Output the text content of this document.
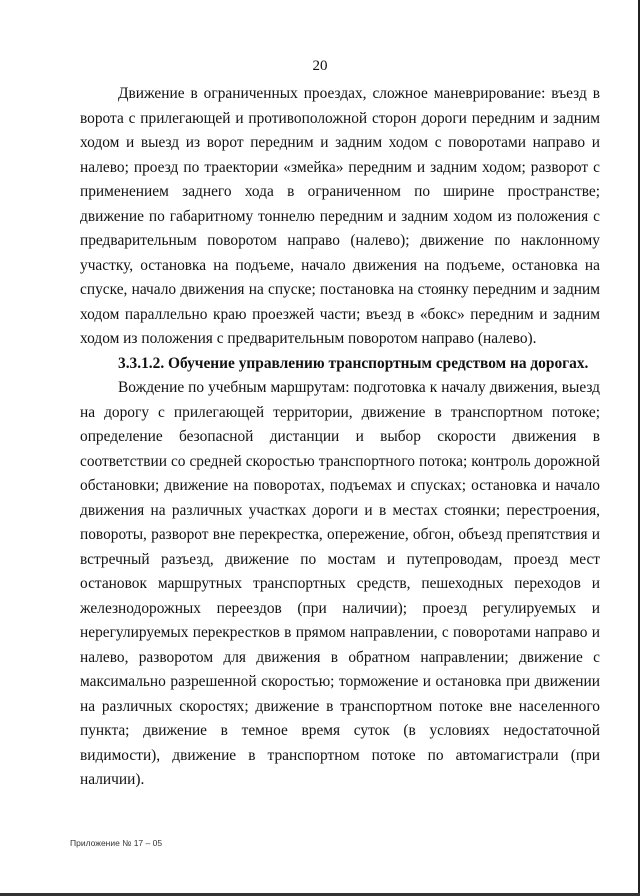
20

Движение в ограниченных проездах, сложное маневрирование: въезд в ворота с прилегающей и противоположной сторон дороги передним и задним ходом и выезд из ворот передним и задним ходом с поворотами направо и налево; проезд по траектории «змейка» передним и задним ходом; разворот с применением заднего хода в ограниченном по ширине пространстве; движение по габаритному тоннелю передним и задним ходом из положения с предварительным поворотом направо (налево); движение по наклонному участку, остановка на подъеме, начало движения на подъеме, остановка на спуске, начало движения на спуске; постановка на стоянку передним и задним ходом параллельно краю проезжей части; въезд в «бокс» передним и задним ходом из положения с предварительным поворотом направо (налево).

3.3.1.2. Обучение управлению транспортным средством на дорогах.

Вождение по учебным маршрутам: подготовка к началу движения, выезд на дорогу с прилегающей территории, движение в транспортном потоке; определение безопасной дистанции и выбор скорости движения в соответствии со средней скоростью транспортного потока; контроль дорожной обстановки; движение на поворотах, подъемах и спусках; остановка и начало движения на различных участках дороги и в местах стоянки; перестроения, повороты, разворот вне перекрестка, опережение, обгон, объезд препятствия и встречный разъезд, движение по мостам и путепроводам, проезд мест остановок маршрутных транспортных средств, пешеходных переходов и железнодорожных переездов (при наличии); проезд регулируемых и нерегулируемых перекрестков в прямом направлении, с поворотами направо и налево, разворотом для движения в обратном направлении; движение с максимально разрешенной скоростью; торможение и остановка при движении на различных скоростях; движение в транспортном потоке вне населенного пункта; движение в темное время суток (в условиях недостаточной видимости), движение в транспортном потоке по автомагистрали (при наличии).

Приложение № 17 – 05
